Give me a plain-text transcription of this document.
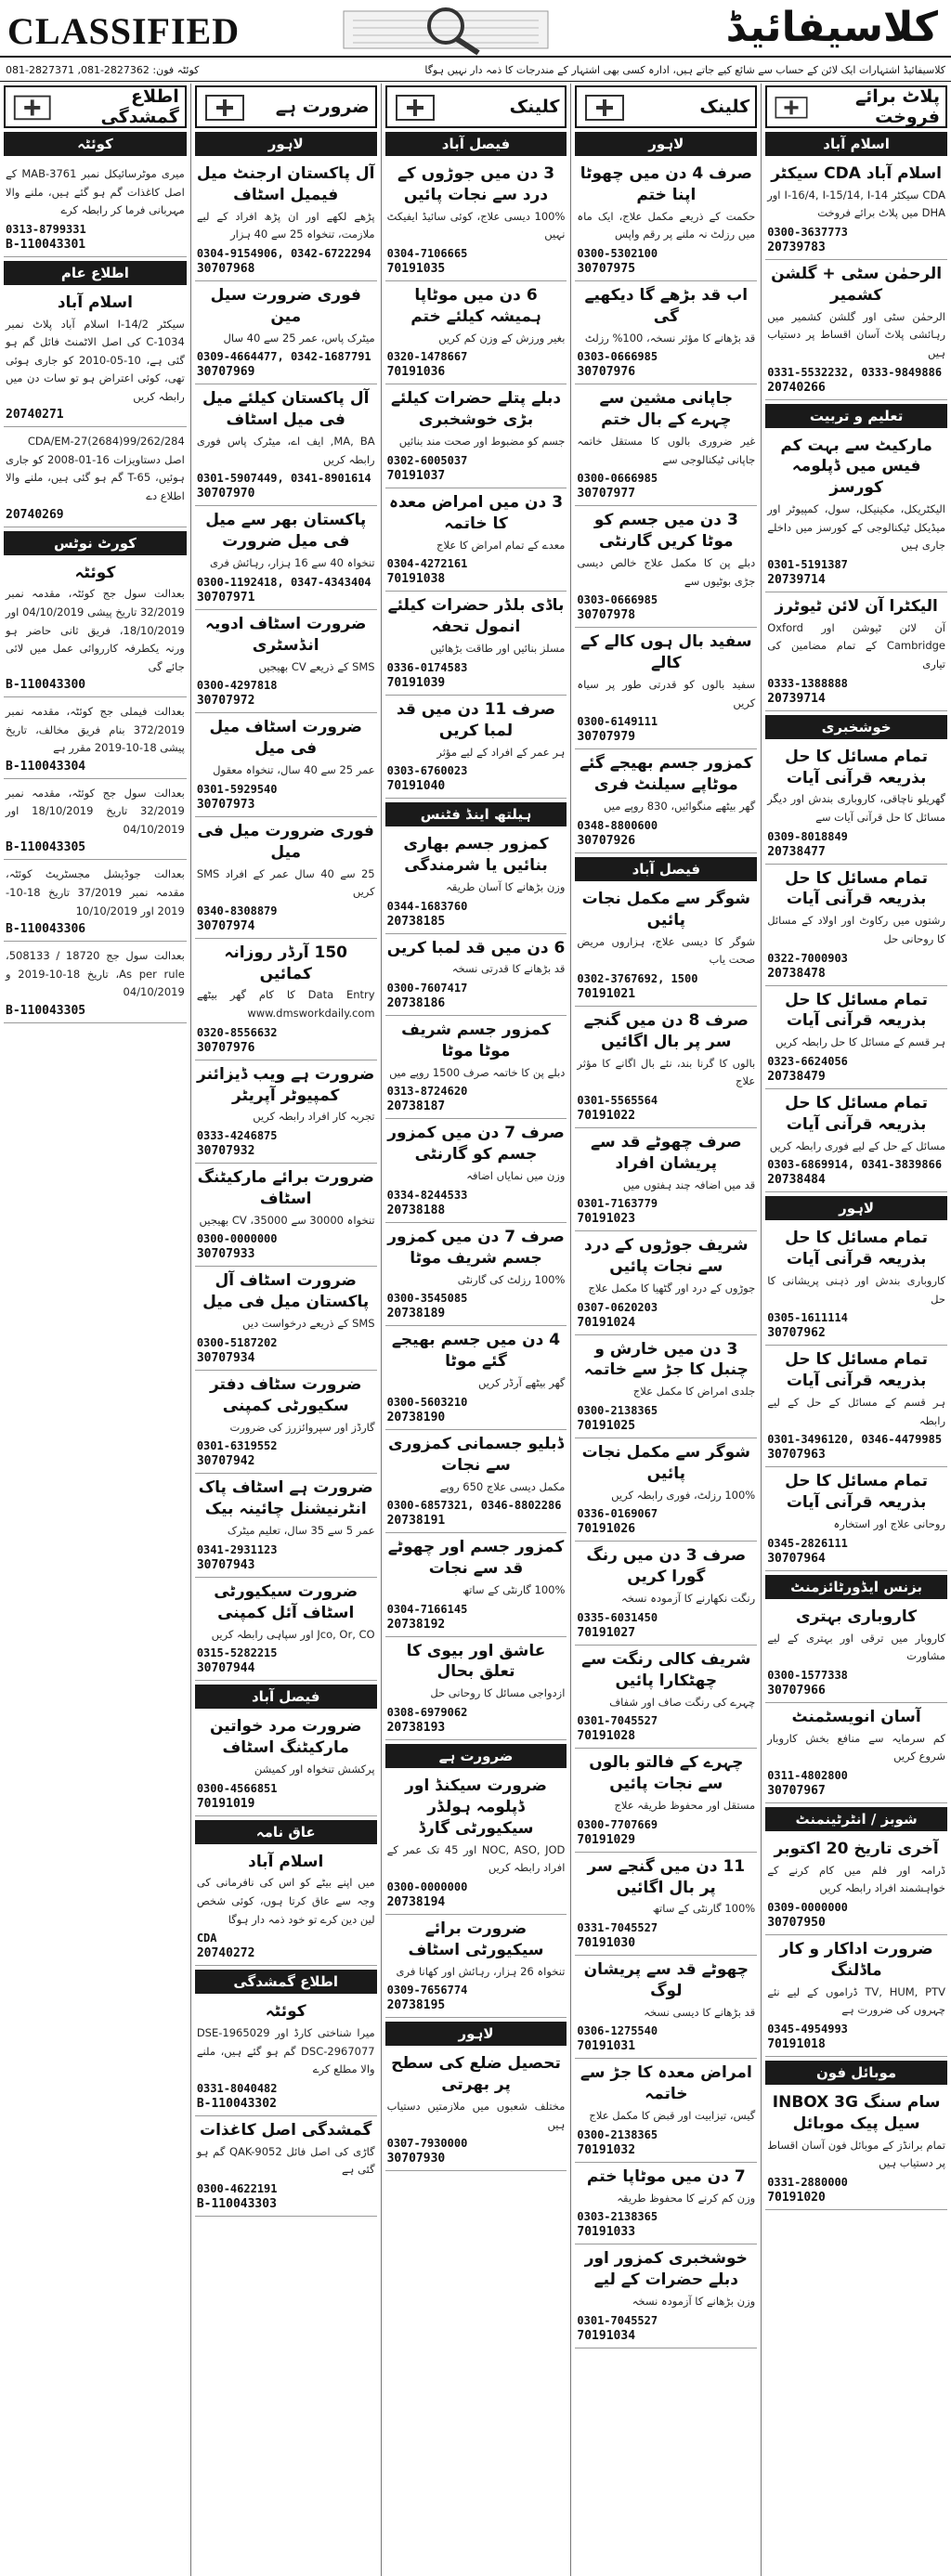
CLASSIFIED	کلاسیفائیڈ
081-2827371 ,081-2827362 :کوئٹہ فون	کلاسیفائیڈ اشتہارات ایک لائن کے حساب سے شائع کیے جاتے ہیں، ادارہ کسی بھی اشتہار کے مندرجات کا ذمہ دار نہیں ہوگا
پلاٹ برائے فروخت
اسلام آباد
اسلام آباد CDA سیکٹر
CDA سیکٹر I-16/4, I-15/14, I-14 اور DHA میں پلاٹ برائے فروخت
0300-3637773
20739783
الرحمٰن سٹی + گلشن کشمیر
الرحمٰن سٹی اور گلشن کشمیر میں رہائشی پلاٹ آسان اقساط پر دستیاب ہیں
0331-5532232, 0333-9849886
20740266
تعلیم و تربیت
مارکیٹ سے بہت کم فیس میں ڈپلومہ کورسز
الیکٹریکل، مکینیکل، سول، کمپیوٹر اور میڈیکل ٹیکنالوجی کے کورسز میں داخلے جاری ہیں
0301-5191387
20739714
الیکٹرا آن لائن ٹیوٹرز
آن لائن ٹیوشن اور Oxford Cambridge کے تمام مضامین کی تیاری
0333-1388888
20739714
خوشخبری
تمام مسائل کا حل بذریعہ قرآنی آیات
گھریلو ناچاقی، کاروباری بندش اور دیگر مسائل کا حل قرآنی آیات سے
0309-8018849
20738477
تمام مسائل کا حل بذریعہ قرآنی آیات
رشتوں میں رکاوٹ اور اولاد کے مسائل کا روحانی حل
0322-7000903
20738478
تمام مسائل کا حل بذریعہ قرآنی آیات
ہر قسم کے مسائل کا حل رابطہ کریں
0323-6624056
20738479
تمام مسائل کا حل بذریعہ قرآنی آیات
مسائل کے حل کے لیے فوری رابطہ کریں
0303-6869914, 0341-3839866
20738484
لاہور
تمام مسائل کا حل بذریعہ قرآنی آیات
کاروباری بندش اور ذہنی پریشانی کا حل
0305-1611114
30707962
تمام مسائل کا حل بذریعہ قرآنی آیات
ہر قسم کے مسائل کے حل کے لیے رابطہ
0301-3496120, 0346-4479985
30707963
تمام مسائل کا حل بذریعہ قرآنی آیات
روحانی علاج اور استخارہ
0345-2826111
30707964
بزنس ایڈورٹائزمنٹ
کاروباری بہتری
کاروبار میں ترقی اور بہتری کے لیے مشاورت
0300-1577338
30707966
آسان انویسٹمنٹ
کم سرمایہ سے منافع بخش کاروبار شروع کریں
0311-4802800
30707967
شوبز / انٹرٹینمنٹ
آخری تاریخ 20 اکتوبر
ڈرامہ اور فلم میں کام کرنے کے خواہشمند افراد رابطہ کریں
0309-0000000
30707950
ضرورت اداکار و کار ماڈلنگ
TV, HUM, PTV ڈراموں کے لیے نئے چہروں کی ضرورت ہے
0345-4954993
70191018
موبائل فون
سام سنگ INBOX 3G سیل پیک موبائل
تمام برانڈز کے موبائل فون آسان اقساط پر دستیاب ہیں
0331-2880000
70191020
کلینک
لاہور
صرف 4 دن میں چھوٹا اپنا ختم
حکمت کے ذریعے مکمل علاج، ایک ماہ میں رزلٹ نہ ملنے پر رقم واپس
0300-5302100
30707975
اب قد بڑھے گا دیکھیے گی
قد بڑھانے کا مؤثر نسخہ، 100% رزلٹ
0303-0666985
30707976
جاپانی مشین سے چہرے کے بال ختم
غیر ضروری بالوں کا مستقل خاتمہ جاپانی ٹیکنالوجی سے
0300-0666985
30707977
3 دن میں جسم کو موٹا کریں گارنٹی
دبلے پن کا مکمل علاج خالص دیسی جڑی بوٹیوں سے
0303-0666985
30707978
سفید بال ہوں کالے کے کالے
سفید بالوں کو قدرتی طور پر سیاہ کریں
0300-6149111
30707979
کمزور جسم بھیجے گئے موٹاپے سیلنٹ فری
گھر بیٹھے منگوائیں، 830 روپے میں
0348-8800600
30707926
فیصل آباد
شوگر سے مکمل نجات پائیں
شوگر کا دیسی علاج، ہزاروں مریض صحت یاب
0302-3767692, 1500
70191021
صرف 8 دن میں گنجے سر پر بال اگائیں
بالوں کا گرنا بند، نئے بال اگانے کا مؤثر علاج
0301-5565564
70191022
صرف چھوٹے قد سے پریشان افراد
قد میں اضافہ چند ہفتوں میں
0301-7163779
70191023
شریف جوڑوں کے درد سے نجات پائیں
جوڑوں کے درد اور گٹھیا کا مکمل علاج
0307-0620203
70191024
3 دن میں خارش و چنبل کا جڑ سے خاتمہ
جلدی امراض کا مکمل علاج
0300-2138365
70191025
شوگر سے مکمل نجات پائیں
100% رزلٹ، فوری رابطہ کریں
0336-0169067
70191026
صرف 3 دن میں رنگ گورا کریں
رنگت نکھارنے کا آزمودہ نسخہ
0335-6031450
70191027
شریف کالی رنگت سے چھٹکارا پائیں
چہرے کی رنگت صاف اور شفاف
0301-7045527
70191028
چہرے کے فالتو بالوں سے نجات پائیں
مستقل اور محفوظ طریقہ علاج
0300-7707669
70191029
11 دن میں گنجے سر پر بال اگائیں
100% گارنٹی کے ساتھ
0331-7045527
70191030
چھوٹے قد سے پریشان لوگ
قد بڑھانے کا دیسی نسخہ
0306-1275540
70191031
امراض معدہ کا جڑ سے خاتمہ
گیس، تیزابیت اور قبض کا مکمل علاج
0300-2138365
70191032
7 دن میں موٹاپا ختم
وزن کم کرنے کا محفوظ طریقہ
0303-2138365
70191033
خوشخبری کمزور اور دبلے حضرات کے لیے
وزن بڑھانے کا آزمودہ نسخہ
0301-7045527
70191034
کلینک
فیصل آباد
3 دن میں جوڑوں کے درد سے نجات پائیں
100% دیسی علاج، کوئی سائیڈ ایفیکٹ نہیں
0304-7106665
70191035
6 دن میں موٹاپا ہمیشہ کیلئے ختم
بغیر ورزش کے وزن کم کریں
0320-1478667
70191036
دبلے پتلے حضرات کیلئے بڑی خوشخبری
جسم کو مضبوط اور صحت مند بنائیں
0302-6005037
70191037
3 دن میں امراض معدہ کا خاتمہ
معدے کے تمام امراض کا علاج
0304-4272161
70191038
باڈی بلڈر حضرات کیلئے انمول تحفہ
مسلز بنائیں اور طاقت بڑھائیں
0336-0174583
70191039
صرف 11 دن میں قد لمبا کریں
ہر عمر کے افراد کے لیے مؤثر
0303-6760023
70191040
ہیلتھ اینڈ فٹنس
کمزور جسم بھاری بنائیں یا شرمندگی
وزن بڑھانے کا آسان طریقہ
0344-1683760
20738185
6 دن میں قد لمبا کریں
قد بڑھانے کا قدرتی نسخہ
0300-7607417
20738186
کمزور جسم شریف موٹا موٹا
دبلے پن کا خاتمہ صرف 1500 روپے میں
0313-8724620
20738187
صرف 7 دن میں کمزور جسم کو گارنٹی
وزن میں نمایاں اضافہ
0334-8244533
20738188
صرف 7 دن میں کمزور جسم شریف موٹا
100% رزلٹ کی گارنٹی
0300-3545085
20738189
4 دن میں جسم بھیجے گئے موٹا
گھر بیٹھے آرڈر کریں
0300-5603210
20738190
ڈبلیو جسمانی کمزوری سے نجات
مکمل دیسی علاج 650 روپے
0300-6857321, 0346-8802286
20738191
کمزور جسم اور چھوٹے قد سے نجات
100% گارنٹی کے ساتھ
0304-7166145
20738192
عاشق اور بیوی کا تعلق بحال
ازدواجی مسائل کا روحانی حل
0308-6979062
20738193
ضرورت ہے
ضرورت سیکنڈ اور ڈپلومہ ہولڈر سیکیورٹی گارڈ
NOC, ASO, JOD اور 45 تک عمر کے افراد رابطہ کریں
0300-0000000
20738194
ضرورت برائے سیکیورٹی اسٹاف
تنخواہ 26 ہزار، رہائش اور کھانا فری
0309-7656774
20738195
لاہور
تحصیل ضلع کی سطح پر بھرتی
مختلف شعبوں میں ملازمتیں دستیاب ہیں
0307-7930000
30707930
ضرورت ہے
لاہور
آل پاکستان ارجنٹ میل فیمیل اسٹاف
پڑھے لکھے اور ان پڑھ افراد کے لیے ملازمت، تنخواہ 25 سے 40 ہزار
0304-9154906, 0342-6722294
30707968
فوری ضرورت سیل مین
میٹرک پاس، عمر 25 سے 40 سال
0309-4664477, 0342-1687791
30707969
آل پاکستان کیلئے میل فی میل اسٹاف
MA, BA, ایف اے، میٹرک پاس فوری رابطہ کریں
0301-5907449, 0341-8901614
30707970
پاکستان بھر سے میل فی میل ضرورت
تنخواہ 40 سے 16 ہزار، رہائش فری
0300-1192418, 0347-4343404
30707971
ضرورت اسٹاف ادویہ انڈسٹری
SMS کے ذریعے CV بھیجیں
0300-4297818
30707972
ضرورت اسٹاف میل فی میل
عمر 25 سے 40 سال، تنخواہ معقول
0301-5929540
30707973
فوری ضرورت میل فی میل
25 سے 40 سال عمر کے افراد SMS کریں
0340-8308879
30707974
150 آرڈر روزانہ کمائیں
Data Entry کا کام گھر بیٹھے www.dmsworkdaily.com
0320-8556632
30707976
ضرورت ہے ویب ڈیزائنر کمپیوٹر آپریٹر
تجربہ کار افراد رابطہ کریں
0333-4246875
30707932
ضرورت برائے مارکیٹنگ اسٹاف
تنخواہ 30000 سے 35000، CV بھیجیں
0300-0000000
30707933
ضرورت اسٹاف آل پاکستان میل فی میل
SMS کے ذریعے درخواست دیں
0300-5187202
30707934
ضرورت سٹاف دفتر سکیورٹی کمپنی
گارڈز اور سپروائزرز کی ضرورت
0301-6319552
30707942
ضرورت ہے اسٹاف پاک انٹرنیشنل چائینہ بیک
عمر 5 سے 35 سال، تعلیم میٹرک
0341-2931123
30707943
ضرورت سیکیورٹی اسٹاف آئل کمپنی
Jco, Or, CO اور سپاہی رابطہ کریں
0315-5282215
30707944
فیصل آباد
ضرورت مرد خواتین مارکیٹنگ اسٹاف
پرکشش تنخواہ اور کمیشن
0300-4566851
70191019
عاق نامہ
اسلام آباد
میں اپنے بیٹے کو اس کی نافرمانی کی وجہ سے عاق کرتا ہوں، کوئی شخص لین دین کرے تو خود ذمہ دار ہوگا
CDA
20740272
اطلاع گمشدگی
کوئٹہ
میرا شناختی کارڈ اور DSE-1965029 DSC-2967077 گم ہو گئے ہیں، ملنے والا مطلع کرے
0331-8040482
B-110043302
گمشدگی اصل کاغذات
گاڑی کی اصل فائل QAK-9052 گم ہو گئی ہے
0300-4622191
B-110043303
اطلاع گمشدگی
کوئٹہ
میری موٹرسائیکل نمبر MAB-3761 کے اصل کاغذات گم ہو گئے ہیں، ملنے والا مہربانی فرما کر رابطہ کرے
0313-8799331
B-110043301
اطلاع عام
اسلام آباد
سیکٹر 14/2-I اسلام آباد پلاٹ نمبر 1034-C کی اصل الاٹمنٹ فائل گم ہو گئی ہے، 10-05-2010 کو جاری ہوئی تھی، کوئی اعتراض ہو تو سات دن میں رابطہ کریں
20740271
CDA/EM-27(2684)99/262/284 اصل دستاویزات 16-01-2008 کو جاری ہوئیں، T-65 گم ہو گئی ہیں، ملنے والا اطلاع دے
20740269
کورٹ نوٹس
کوئٹہ
بعدالت سول جج کوئٹہ، مقدمہ نمبر 32/2019 تاریخ پیشی 04/10/2019 اور 18/10/2019، فریق ثانی حاضر ہو ورنہ یکطرفہ کارروائی عمل میں لائی جائے گی
B-110043300
بعدالت فیملی جج کوئٹہ، مقدمہ نمبر 372/2019 بنام فریق مخالف، تاریخ پیشی 18-10-2019 مقرر ہے
B-110043304
بعدالت سول جج کوئٹہ، مقدمہ نمبر 32/2019 تاریخ 18/10/2019 اور 04/10/2019
B-110043305
بعدالت جوڈیشل مجسٹریٹ کوئٹہ، مقدمہ نمبر 37/2019 تاریخ 18-10-2019 اور 10/10/2019
B-110043306
بعدالت سول جج 18720 / 508133، As per rule، تاریخ 18-10-2019 و 04/10/2019
B-110043305
